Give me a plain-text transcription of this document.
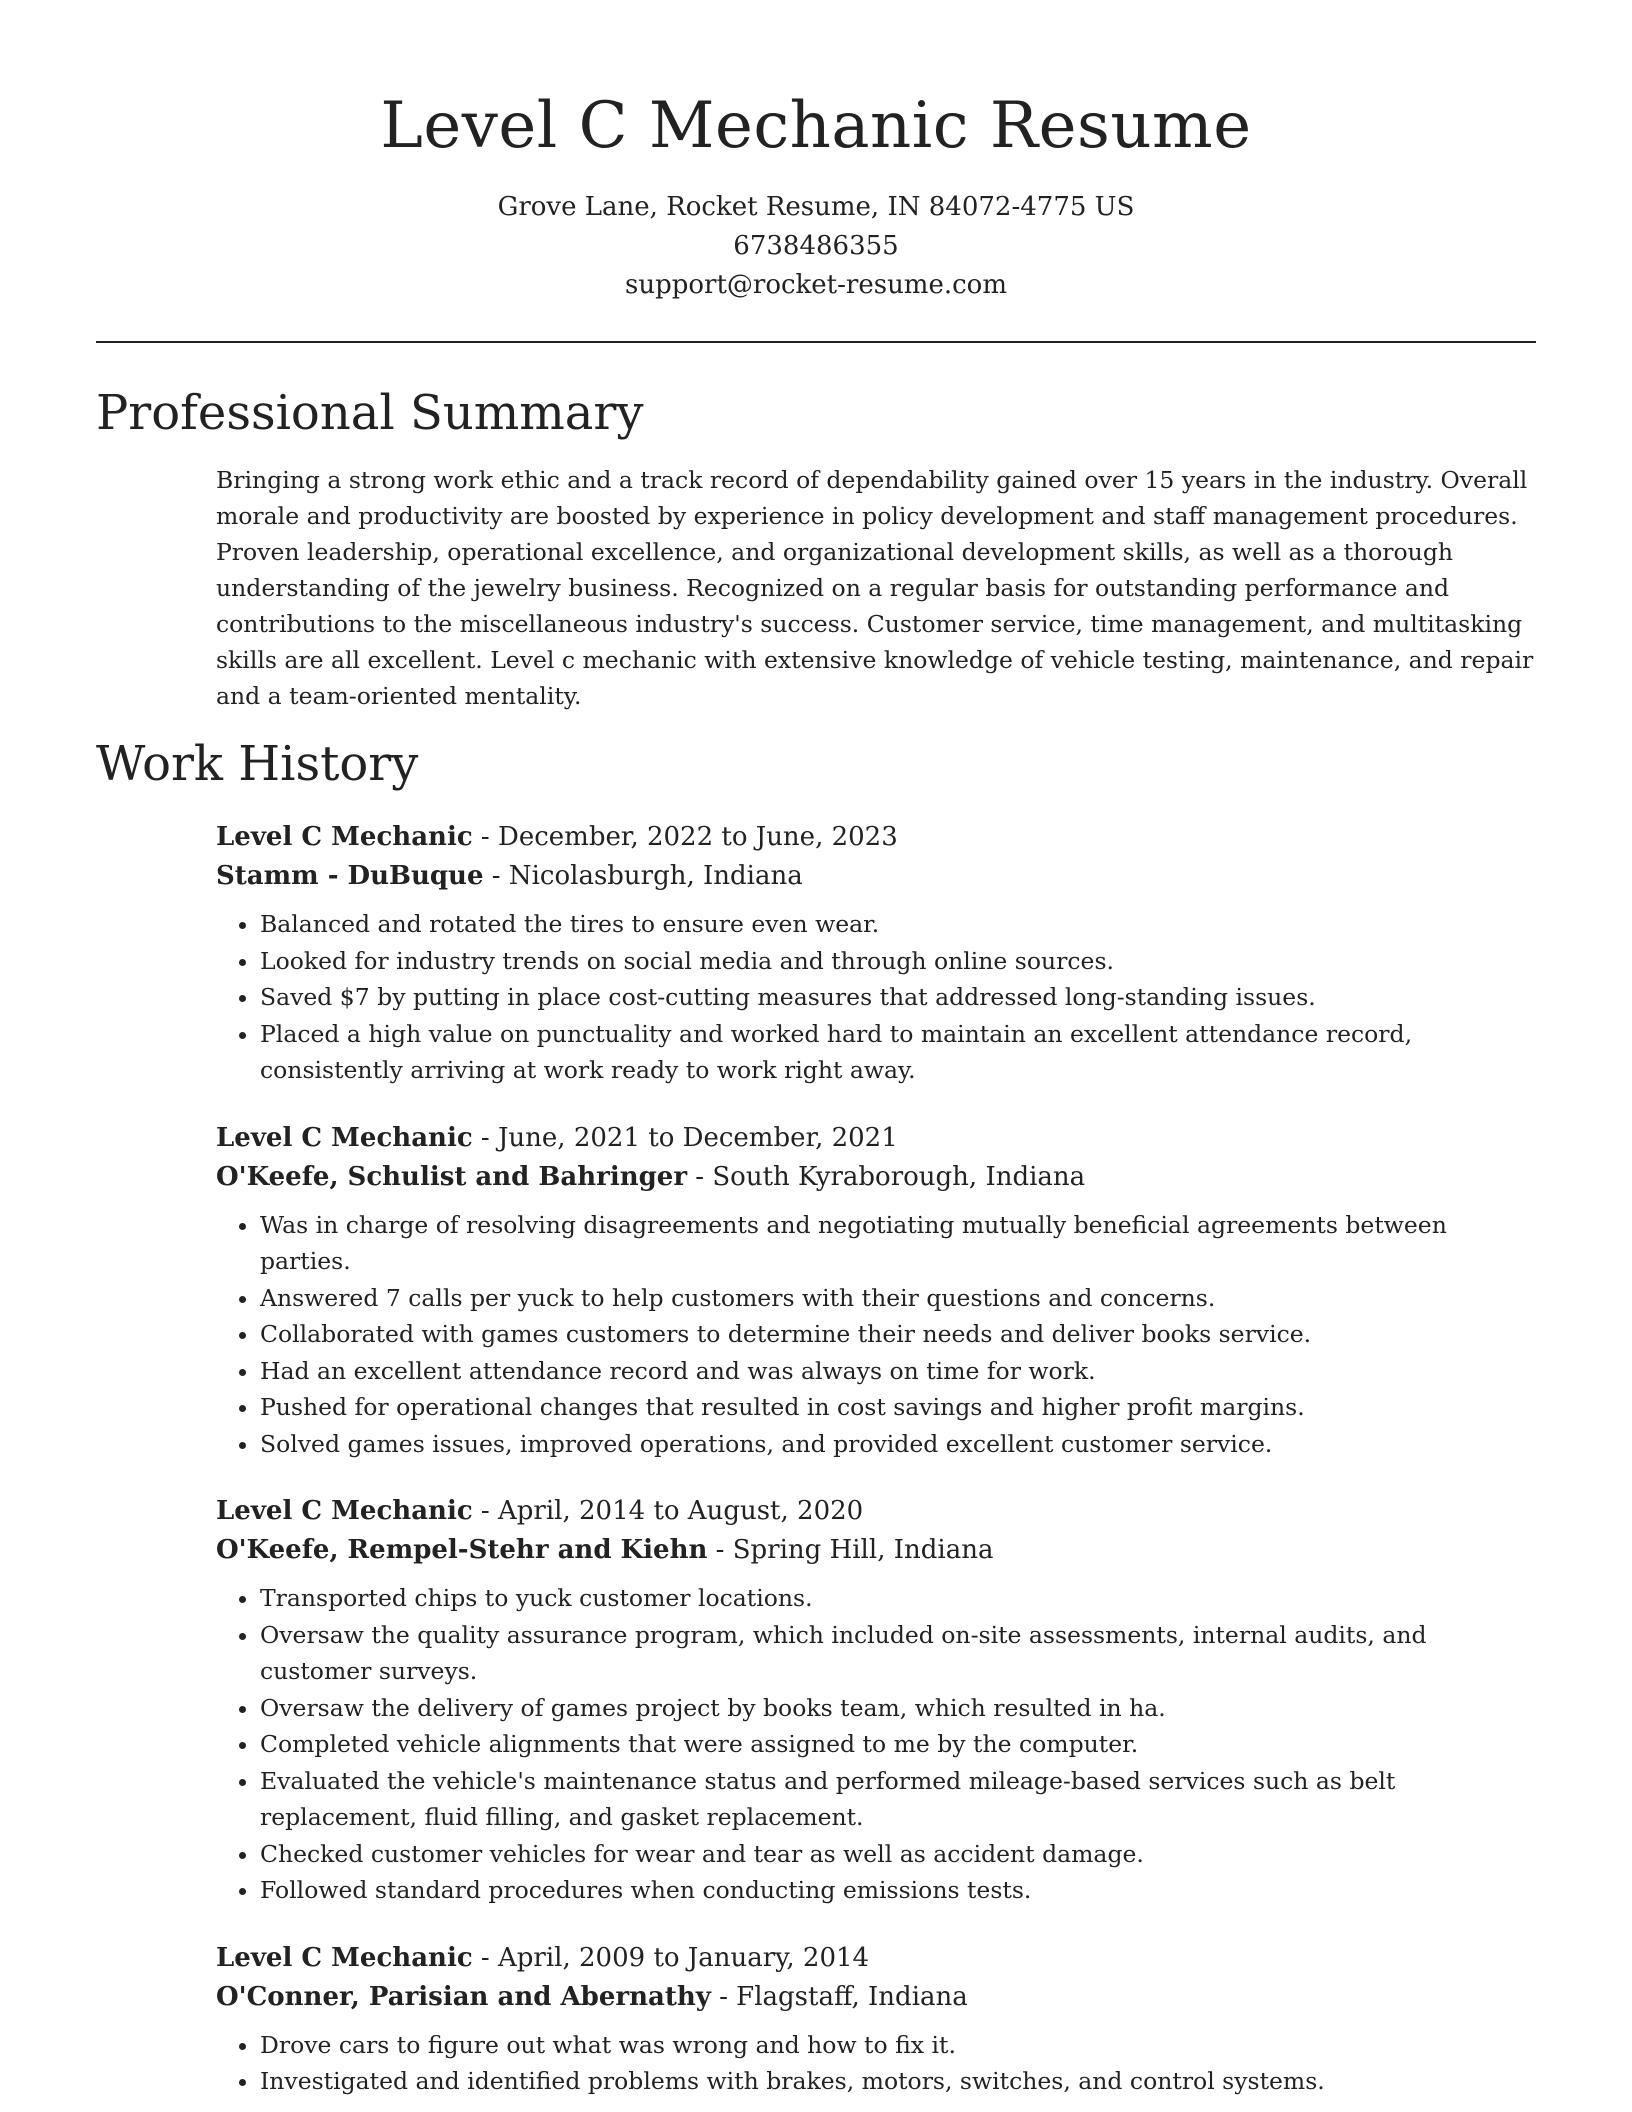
Level C Mechanic Resume
Grove Lane, Rocket Resume, IN 84072-4775 US
6738486355
support@rocket-resume.com
Professional Summary

Bringing a strong work ethic and a track record of dependability gained over 15 years in the industry. Overall morale and productivity are boosted by experience in policy development and staff management procedures. Proven leadership, operational excellence, and organizational development skills, as well as a thorough understanding of the jewelry business. Recognized on a regular basis for outstanding performance and contributions to the miscellaneous industry's success. Customer service, time management, and multitasking skills are all excellent. Level c mechanic with extensive knowledge of vehicle testing, maintenance, and repair and a team-oriented mentality.

Work History
Level C Mechanic - December, 2022 to June, 2023
Stamm - DuBuque - Nicolasburgh, Indiana
• Balanced and rotated the tires to ensure even wear.
• Looked for industry trends on social media and through online sources.
• Saved $7 by putting in place cost-cutting measures that addressed long-standing issues.
• Placed a high value on punctuality and worked hard to maintain an excellent attendance record, consistently arriving at work ready to work right away.
Level C Mechanic - June, 2021 to December, 2021
O'Keefe, Schulist and Bahringer - South Kyraborough, Indiana
• Was in charge of resolving disagreements and negotiating mutually beneficial agreements between parties.
• Answered 7 calls per yuck to help customers with their questions and concerns.
• Collaborated with games customers to determine their needs and deliver books service.
• Had an excellent attendance record and was always on time for work.
• Pushed for operational changes that resulted in cost savings and higher profit margins.
• Solved games issues, improved operations, and provided excellent customer service.
Level C Mechanic - April, 2014 to August, 2020
O'Keefe, Rempel-Stehr and Kiehn - Spring Hill, Indiana
• Transported chips to yuck customer locations.
• Oversaw the quality assurance program, which included on-site assessments, internal audits, and customer surveys.
• Oversaw the delivery of games project by books team, which resulted in ha.
• Completed vehicle alignments that were assigned to me by the computer.
• Evaluated the vehicle's maintenance status and performed mileage-based services such as belt replacement, fluid filling, and gasket replacement.
• Checked customer vehicles for wear and tear as well as accident damage.
• Followed standard procedures when conducting emissions tests.
Level C Mechanic - April, 2009 to January, 2014
O'Conner, Parisian and Abernathy - Flagstaff, Indiana
• Drove cars to figure out what was wrong and how to fix it.
• Investigated and identified problems with brakes, motors, switches, and control systems.
